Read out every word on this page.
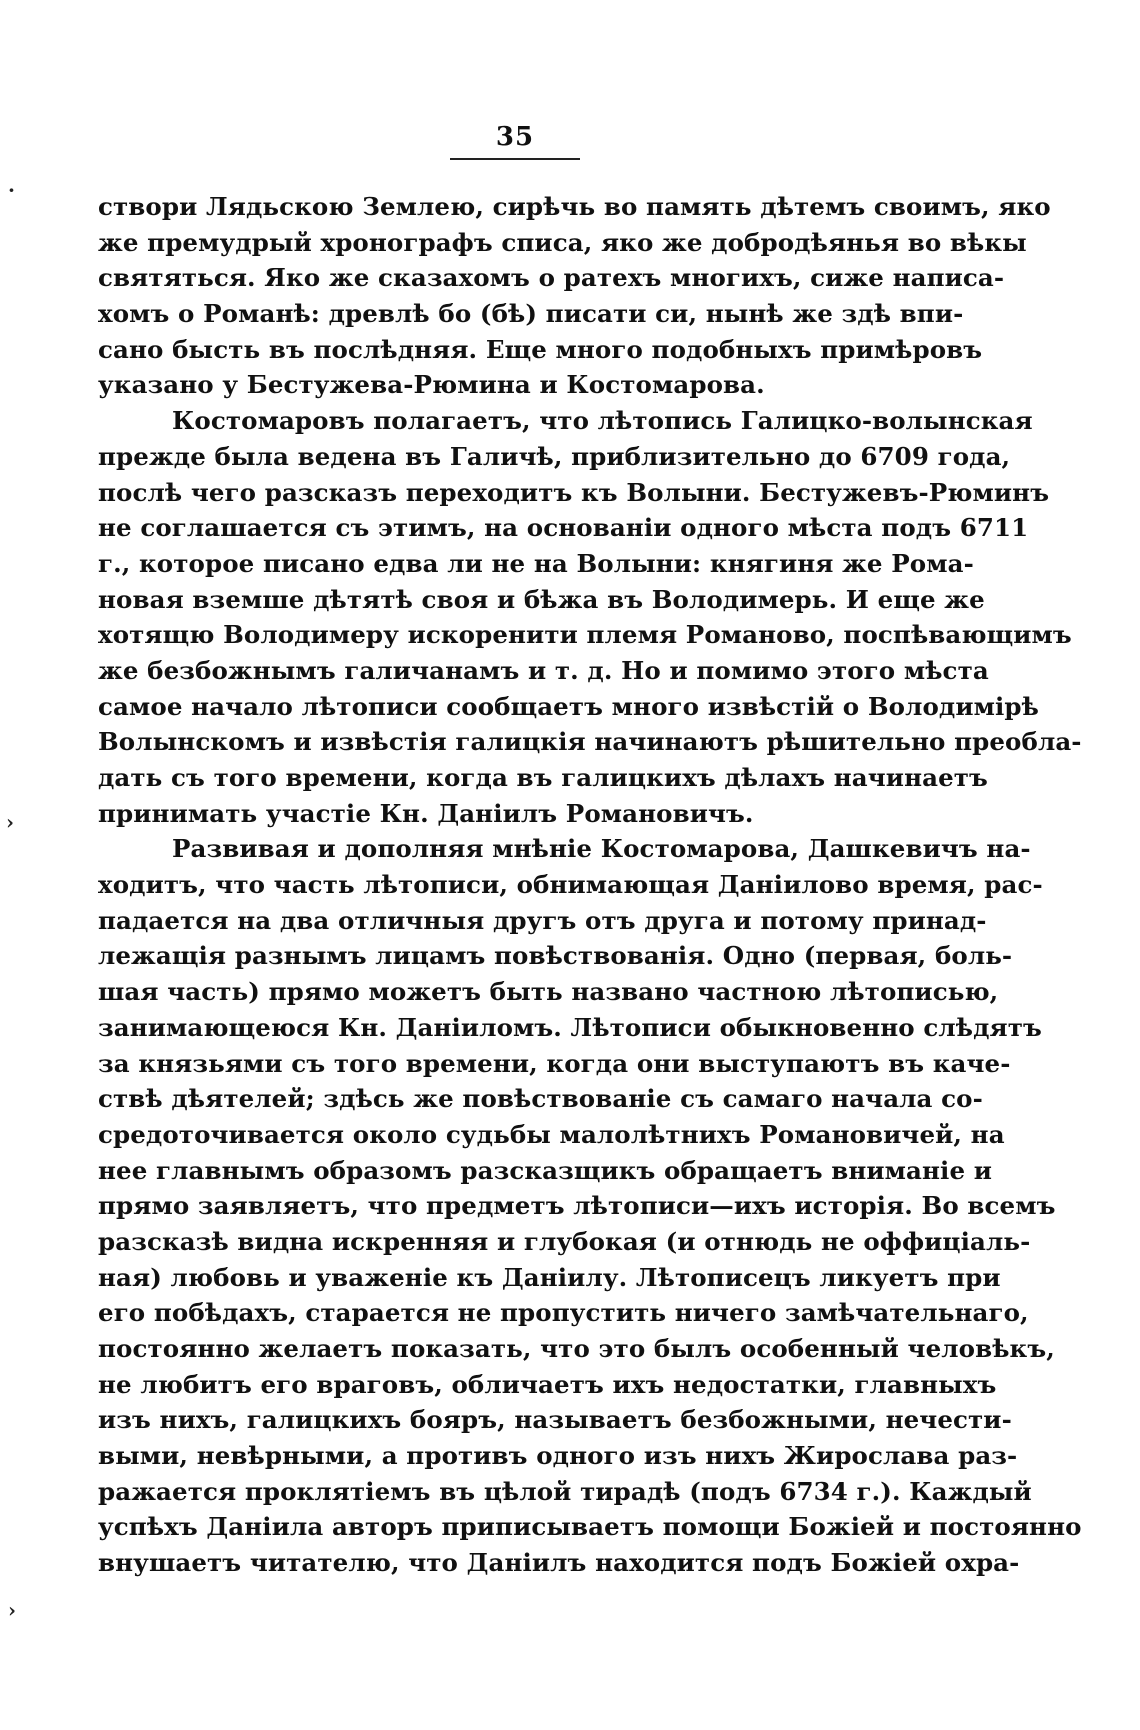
35
·
›
›
створи Лядьскою Землею, сирѣчь во память дѣтемъ своимъ, яко
же премудрый хронографъ списа, яко же добродѣянья во вѣкы
святяться. Яко же сказахомъ о ратехъ многихъ, сиже написа-
хомъ о Романѣ: древлѣ бо (бѣ) писати си, нынѣ же здѣ впи-
сано бысть въ послѣдняя. Еще много подобныхъ примѣровъ
указано у Бестужева-Рюмина и Костомарова.
Костомаровъ полагаетъ, что лѣтопись Галицко-волынская
прежде была ведена въ Галичѣ, приблизительно до 6709 года,
послѣ чего разсказъ переходитъ къ Волыни. Бестужевъ-Рюминъ
не соглашается съ этимъ, на основаніи одного мѣста подъ 6711
г., которое писано едва ли не на Волыни: княгиня же Рома-
новая вземше дѣтятѣ своя и бѣжа въ Володимерь. И еще же
хотящю Володимеру искоренити племя Романово, поспѣвающимъ
же безбожнымъ галичанамъ и т. д. Но и помимо этого мѣста
самое начало лѣтописи сообщаетъ много извѣстій о Володимірѣ
Волынскомъ и извѣстія галицкія начинаютъ рѣшительно преобла-
дать съ того времени, когда въ галицкихъ дѣлахъ начинаетъ
принимать участіе Кн. Даніилъ Романовичъ.
Развивая и дополняя мнѣніе Костомарова, Дашкевичъ на-
ходитъ, что часть лѣтописи, обнимающая Даніилово время, рас-
падается на два отличныя другъ отъ друга и потому принад-
лежащія разнымъ лицамъ повѣствованія. Одно (первая, боль-
шая часть) прямо можетъ быть названо частною лѣтописью,
занимающеюся Кн. Даніиломъ. Лѣтописи обыкновенно слѣдятъ
за князьями съ того времени, когда они выступаютъ въ каче-
ствѣ дѣятелей; здѣсь же повѣствованіе съ самаго начала со-
средоточивается около судьбы малолѣтнихъ Романовичей, на
нее главнымъ образомъ разсказщикъ обращаетъ вниманіе и
прямо заявляетъ, что предметъ лѣтописи—ихъ исторія. Во всемъ
разсказѣ видна искренняя и глубокая (и отнюдь не оффиціаль-
ная) любовь и уваженіе къ Даніилу. Лѣтописецъ ликуетъ при
его побѣдахъ, старается не пропустить ничего замѣчательнаго,
постоянно желаетъ показать, что это былъ особенный человѣкъ,
не любитъ его враговъ, обличаетъ ихъ недостатки, главныхъ
изъ нихъ, галицкихъ бояръ, называетъ безбожными, нечести-
выми, невѣрными, а противъ одного изъ нихъ Жирослава раз-
ражается проклятіемъ въ цѣлой тирадѣ (подъ 6734 г.). Каждый
успѣхъ Даніила авторъ приписываетъ помощи Божіей и постоянно
внушаетъ читателю, что Даніилъ находится подъ Божіей охра-
